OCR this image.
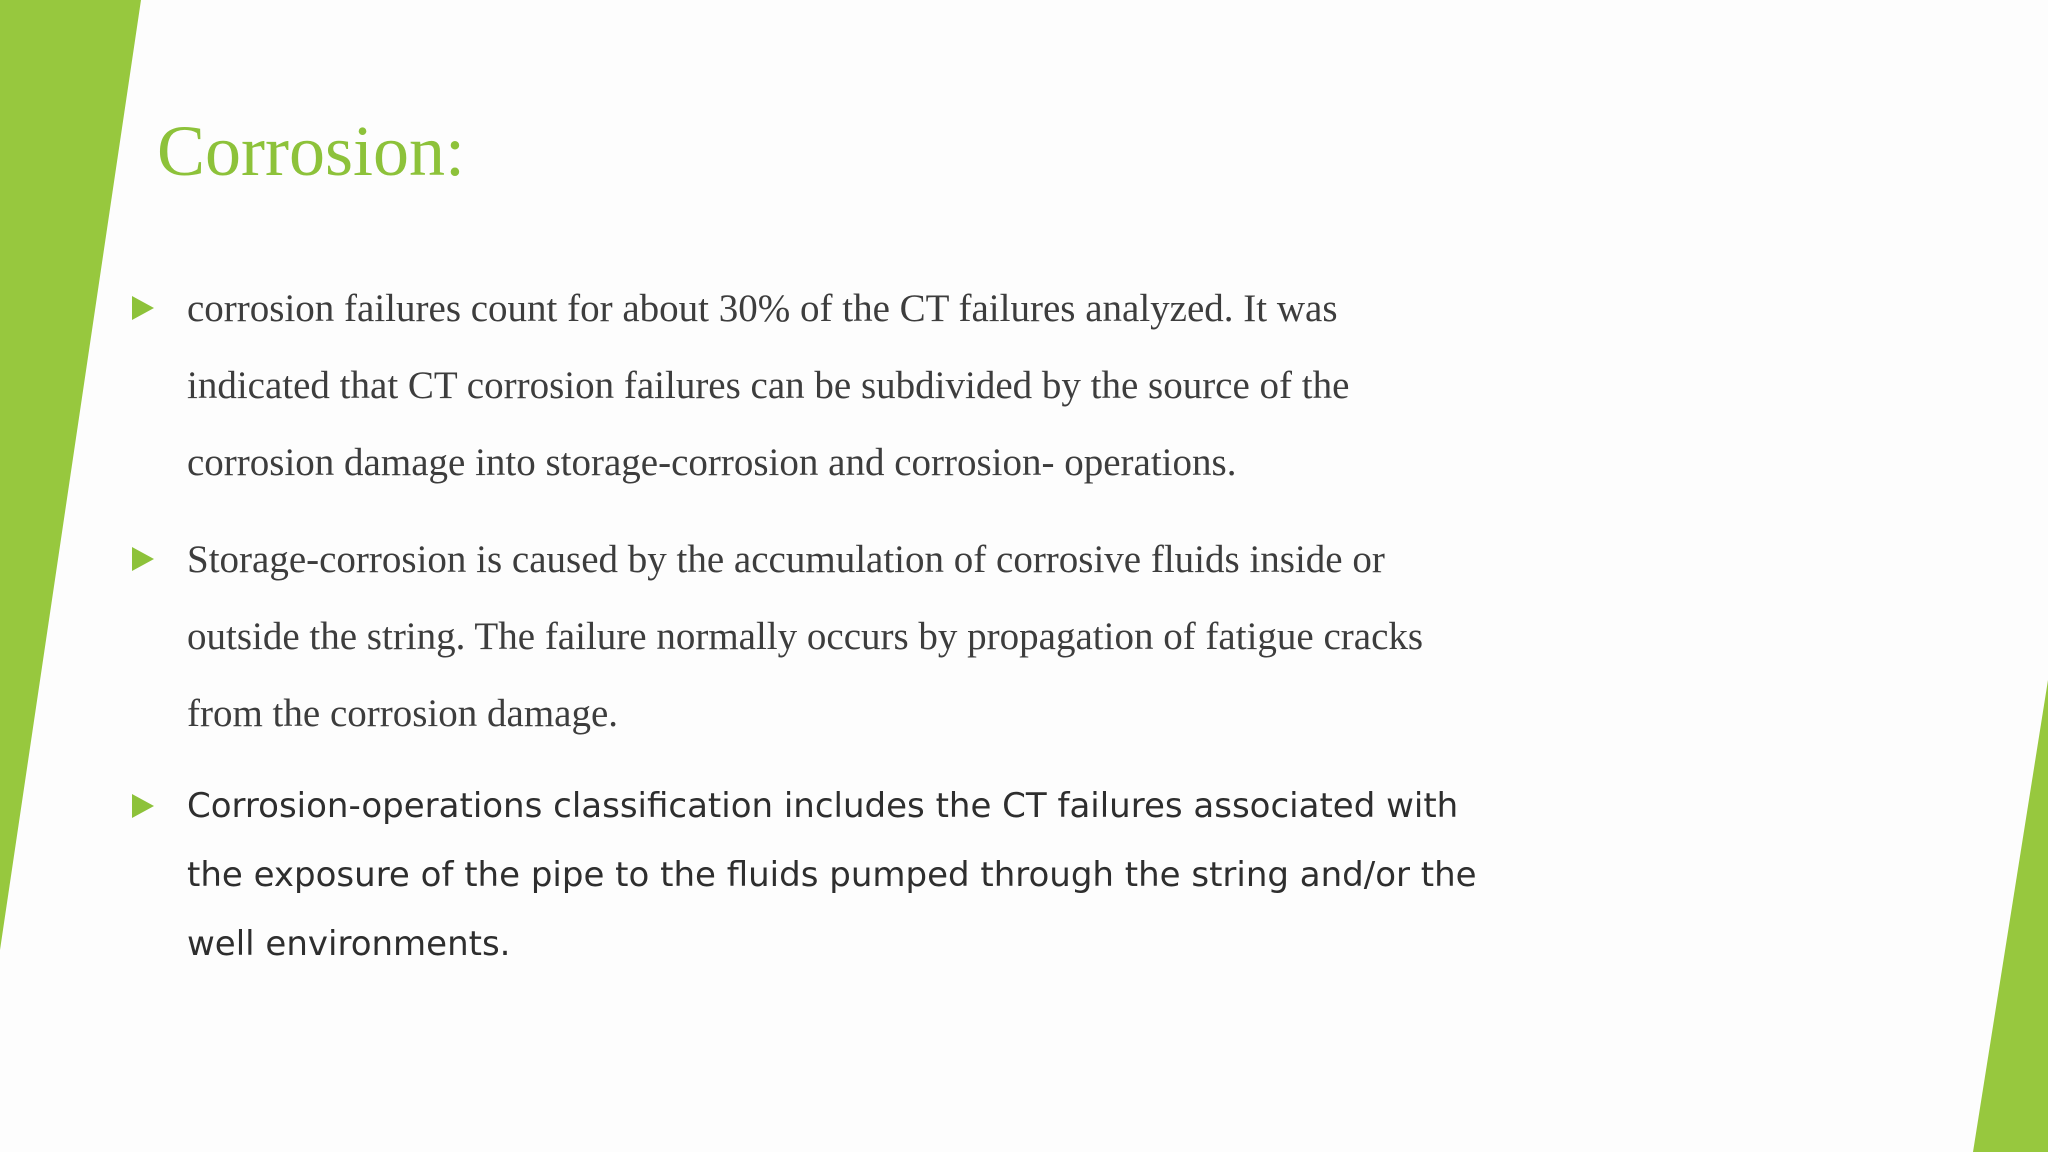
Corrosion:
corrosion failures count for about 30% of the CT failures analyzed. It was
indicated that CT corrosion failures can be subdivided by the source of the
corrosion damage into storage-corrosion and corrosion- operations.
Storage-corrosion is caused by the accumulation of corrosive fluids inside or
outside the string. The failure normally occurs by propagation of fatigue cracks
from the corrosion damage.
Corrosion-operations classification includes the CT failures associated with
the exposure of the pipe to the fluids pumped through the string and/or the
well environments.
